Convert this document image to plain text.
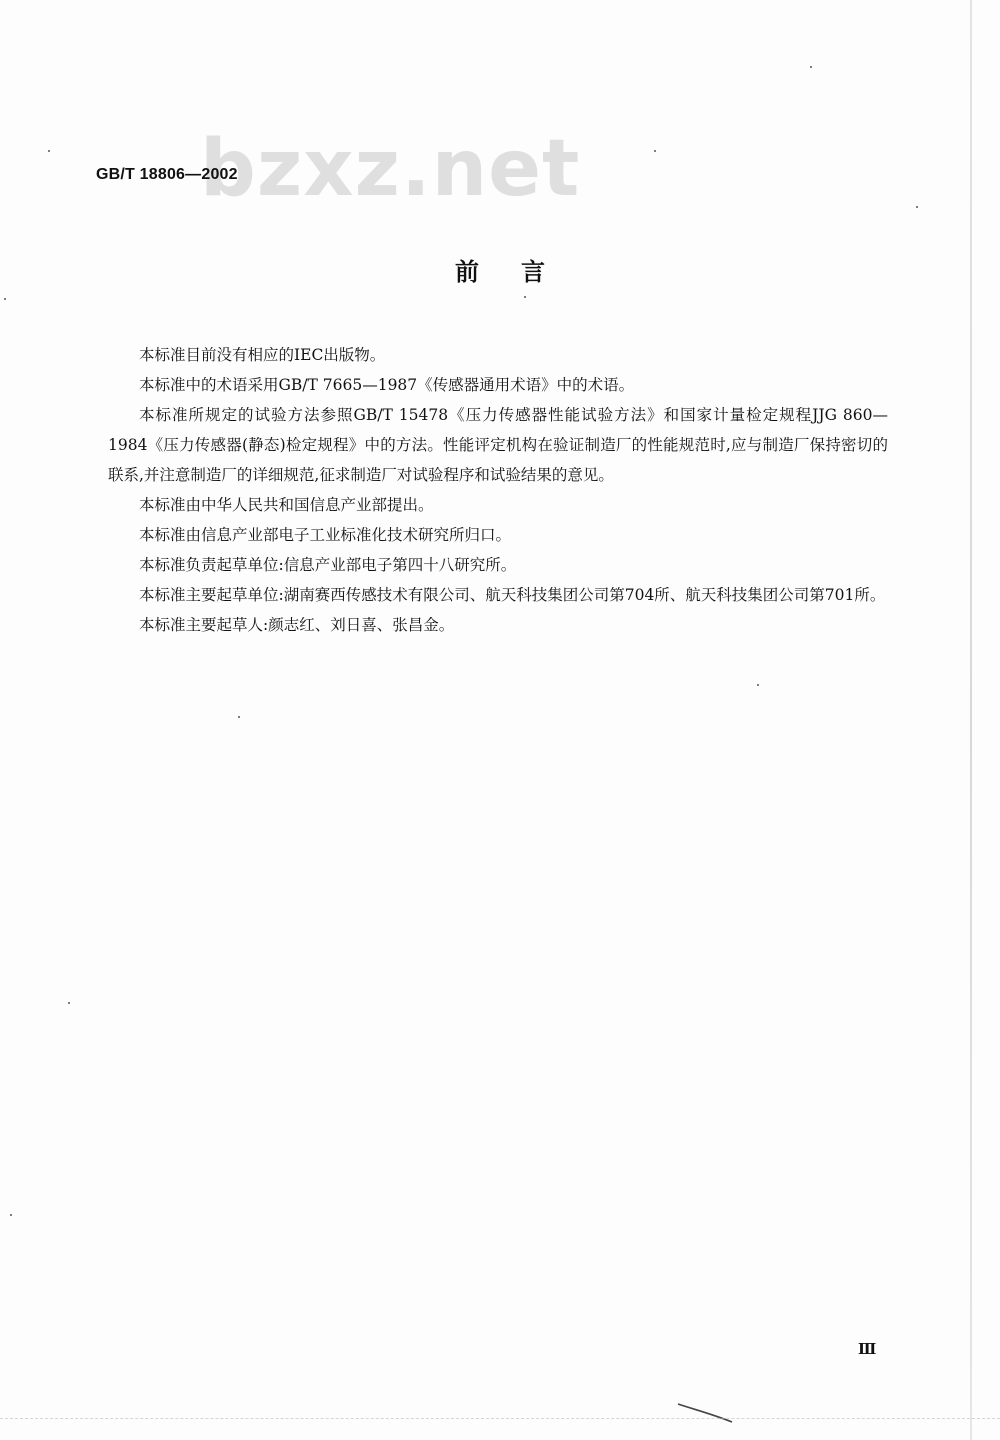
bzxz.net
GB/T 18806—2002
前言

本标准目前没有相应的IEC出版物。

本标准中的术语采用GB/T 7665—1987《传感器通用术语》中的术语。

本标准所规定的试验方法参照GB/T 15478《压力传感器性能试验方法》和国家计量检定规程JJG 860—1984《压力传感器(静态)检定规程》中的方法。性能评定机构在验证制造厂的性能规范时,应与制造厂保持密切的联系,并注意制造厂的详细规范,征求制造厂对试验程序和试验结果的意见。

本标准由中华人民共和国信息产业部提出。

本标准由信息产业部电子工业标准化技术研究所归口。

本标准负责起草单位:信息产业部电子第四十八研究所。

本标准主要起草单位:湖南赛西传感技术有限公司、航天科技集团公司第704所、航天科技集团公司第701所。

本标准主要起草人:颜志红、刘日喜、张昌金。

Ⅲ
